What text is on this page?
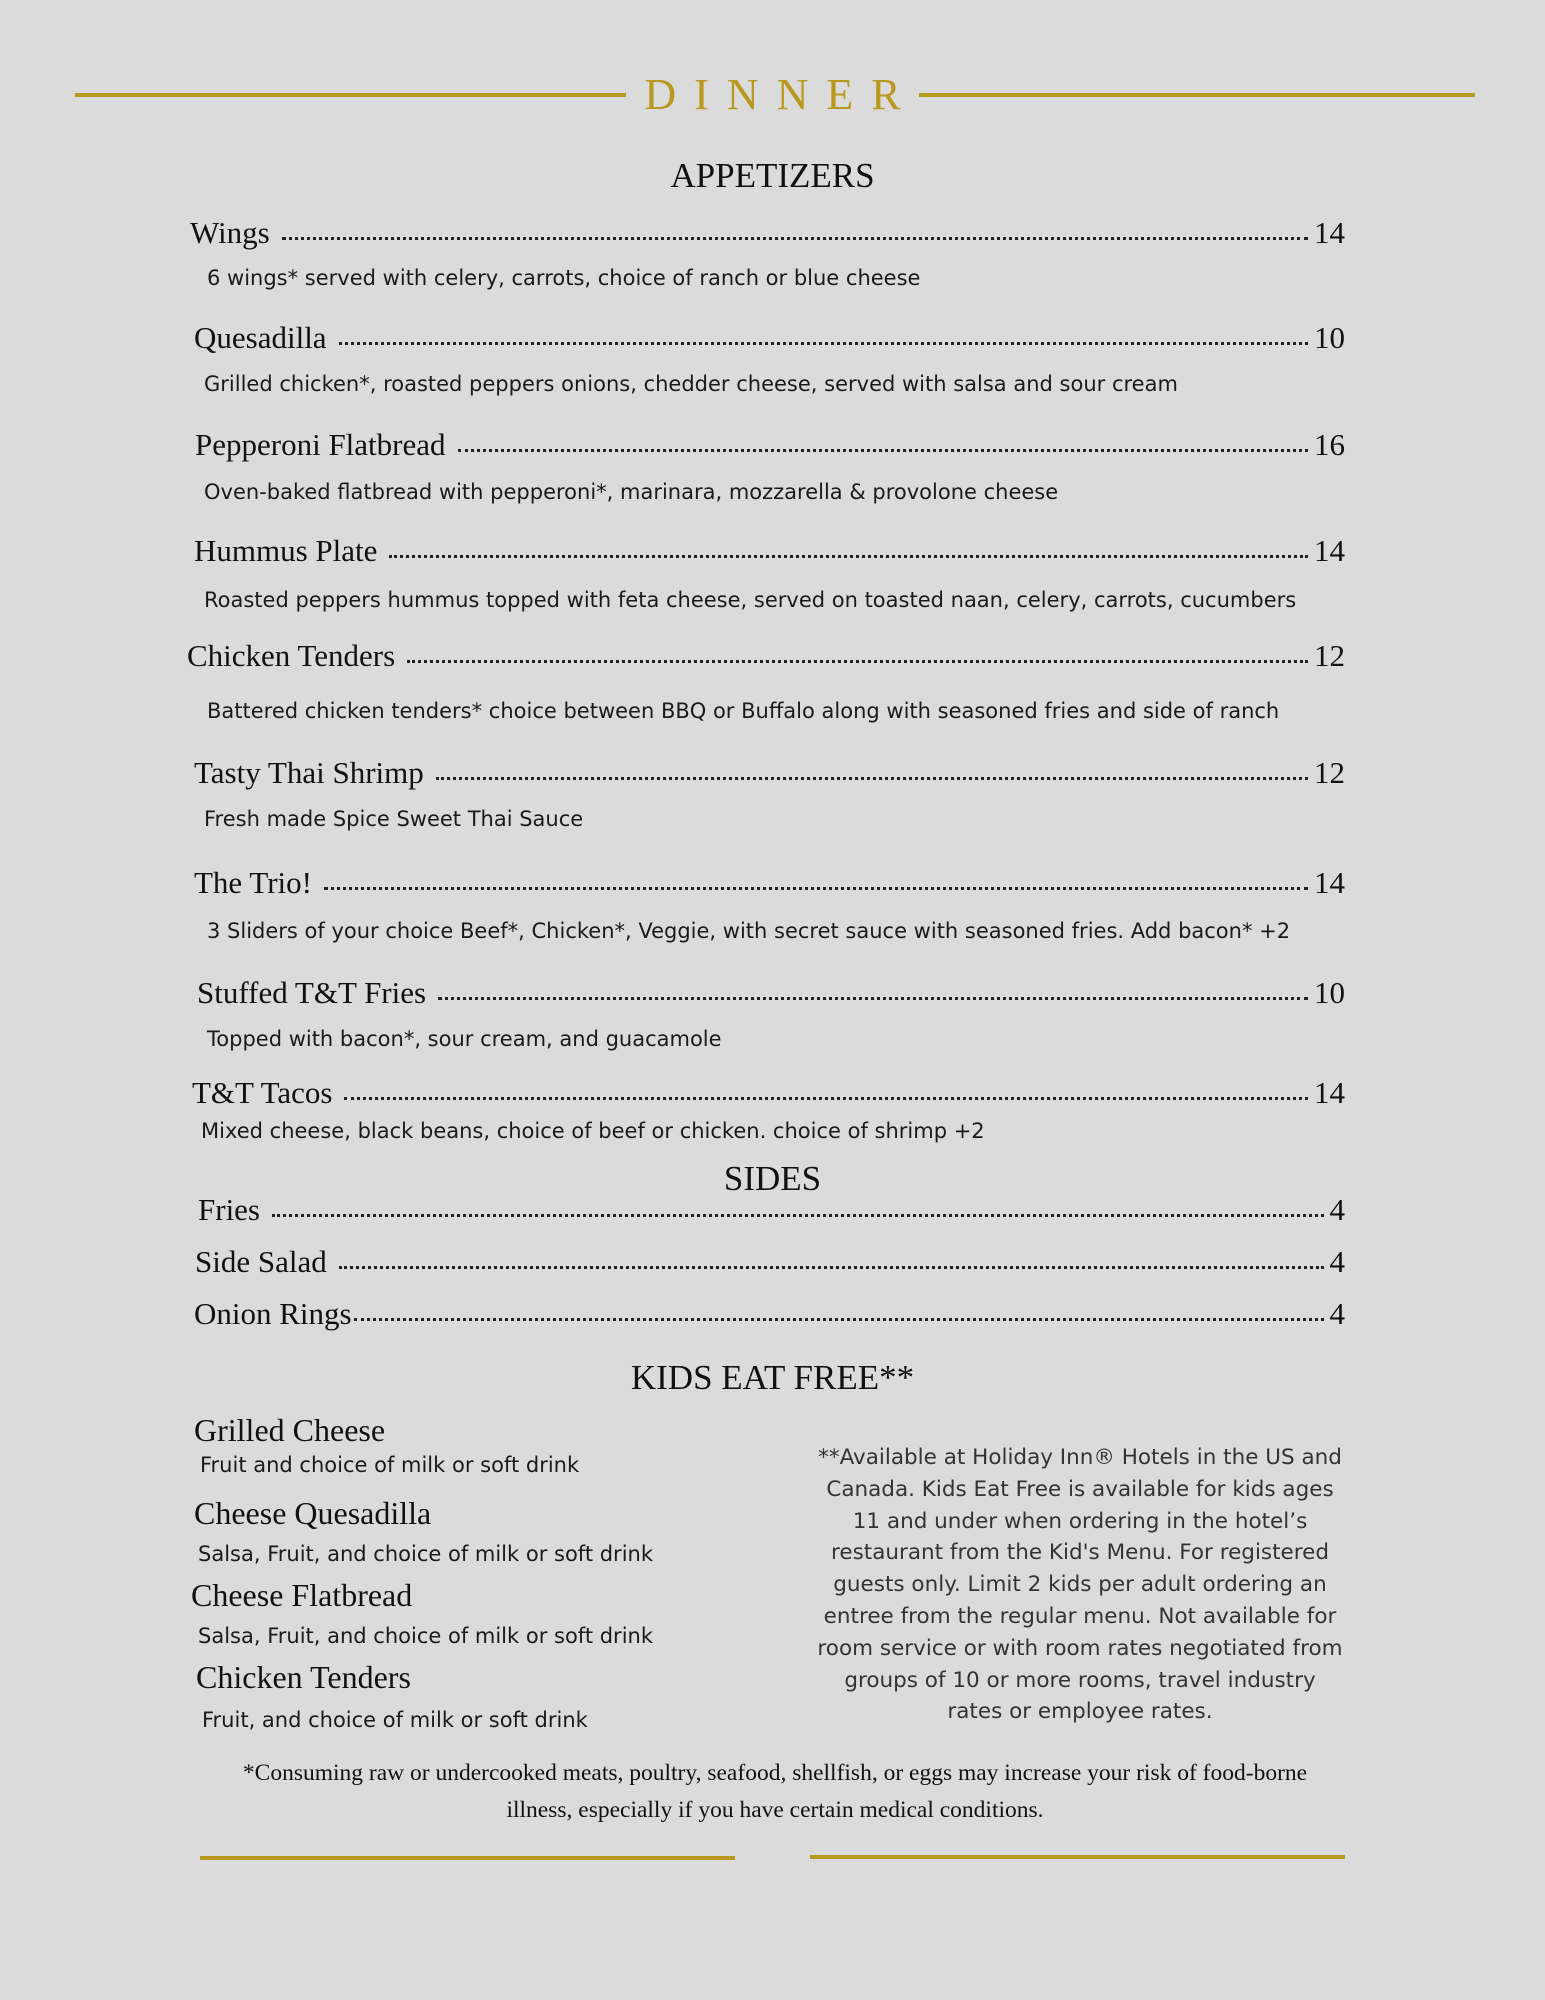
DINNER
APPETIZERS
Wings	14
6 wings* served with celery, carrots, choice of ranch or blue cheese
Quesadilla	10
Grilled chicken*, roasted peppers onions, chedder cheese, served with salsa and sour cream
Pepperoni Flatbread	16
Oven-baked flatbread with pepperoni*, marinara, mozzarella & provolone cheese
Hummus Plate	14
Roasted peppers hummus topped with feta cheese, served on toasted naan, celery, carrots, cucumbers
Chicken Tenders	12
Battered chicken tenders* choice between BBQ or Buffalo along with seasoned fries and side of ranch
Tasty Thai Shrimp	12
Fresh made Spice Sweet Thai Sauce
The Trio!	14
3 Sliders of your choice Beef*, Chicken*, Veggie, with secret sauce with seasoned fries. Add bacon* +2
Stuffed T&T Fries	10
Topped with bacon*, sour cream, and guacamole
T&T Tacos	14
Mixed cheese, black beans, choice of beef or chicken. choice of shrimp +2
SIDES
Fries	4
Side Salad	4
Onion Rings	4
KIDS EAT FREE**
Grilled Cheese
Fruit and choice of milk or soft drink
Cheese Quesadilla
Salsa, Fruit, and choice of milk or soft drink
Cheese Flatbread
Salsa, Fruit, and choice of milk or soft drink
Chicken Tenders
Fruit, and choice of milk or soft drink
**Available at Holiday Inn® Hotels in the US and Canada. Kids Eat Free is available for kids ages 11 and under when ordering in the hotel’s restaurant from the Kid's Menu. For registered guests only. Limit 2 kids per adult ordering an entree from the regular menu. Not available for room service or with room rates negotiated from groups of 10 or more rooms, travel industry rates or employee rates.
*Consuming raw or undercooked meats, poultry, seafood, shellfish, or eggs may increase your risk of food-borne illness, especially if you have certain medical conditions.
